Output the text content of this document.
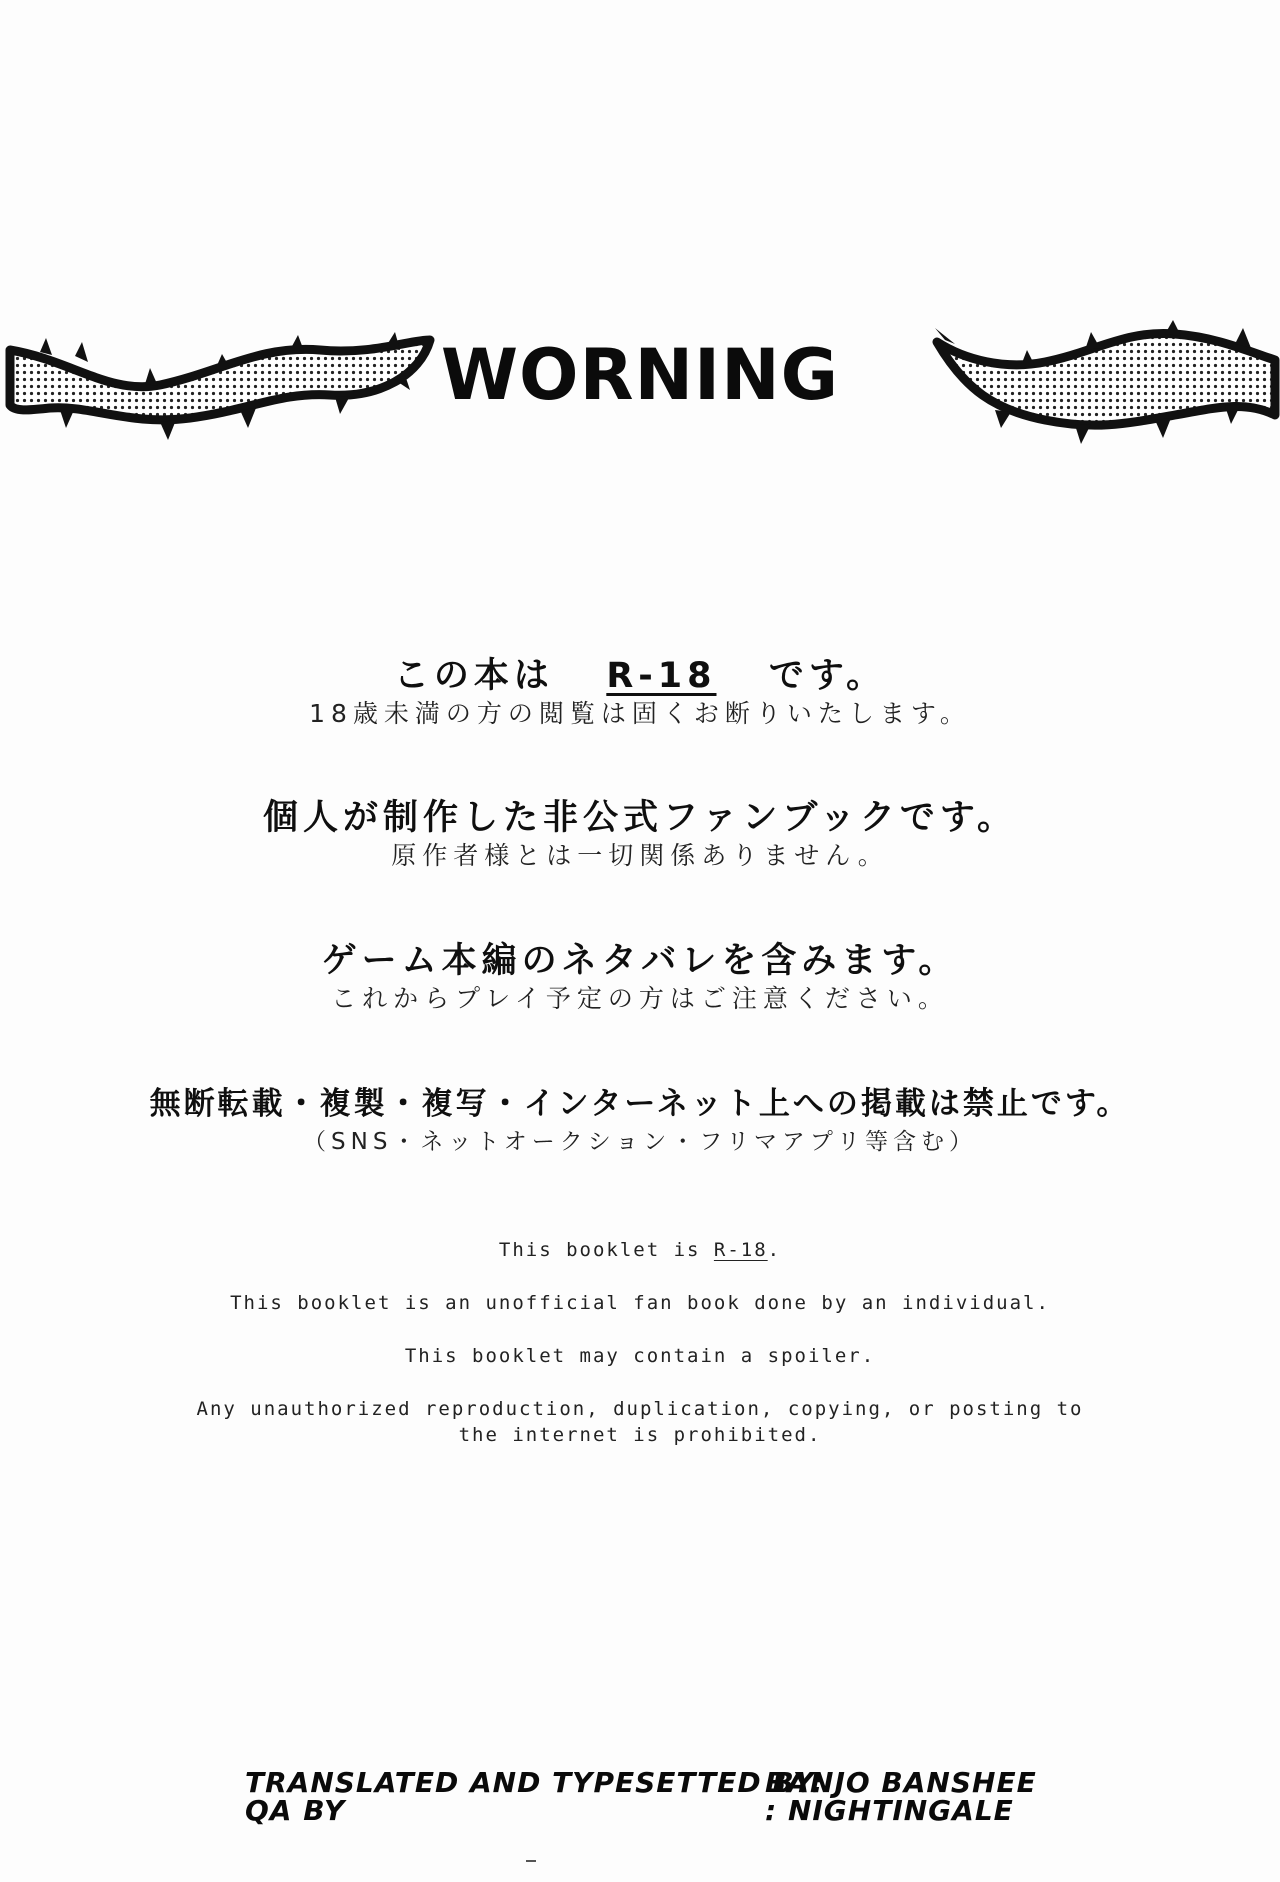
WORNING
この本は R-18 です。
18歳未満の方の閲覧は固くお断りいたします。
個人が制作した非公式ファンブックです。
原作者様とは一切関係ありません。
ゲーム本編のネタバレを含みます。
これからプレイ予定の方はご注意ください。
無断転載・複製・複写・インターネット上への掲載は禁止です。
（SNS・ネットオークション・フリマアプリ等含む）
This booklet is R-18.
This booklet is an unofficial fan book done by an individual.
This booklet may contain a spoiler.
Any unauthorized reproduction, duplication, copying, or posting to
the internet is prohibited.
TRANSLATED AND TYPESETTED BY:
BANJO BANSHEE
QA BY	: NIGHTINGALE
